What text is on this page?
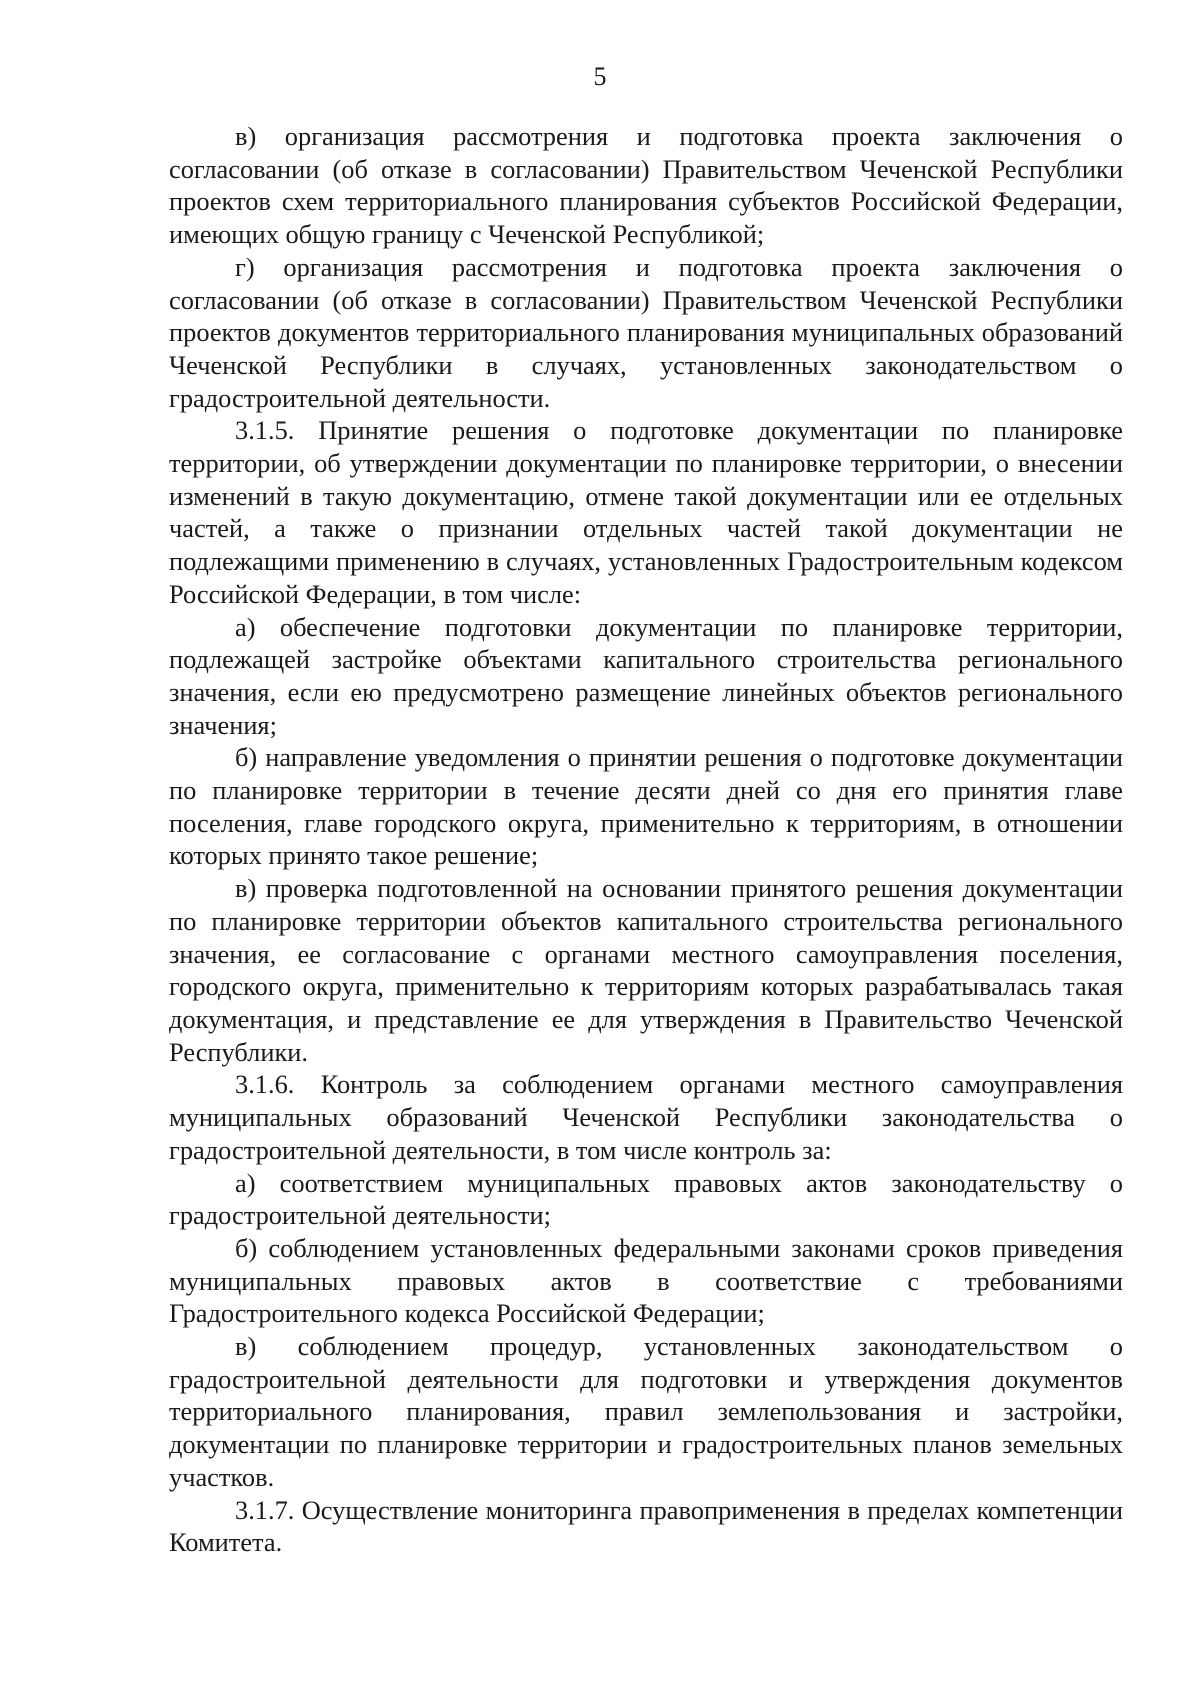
5

в) организация рассмотрения и подготовка проекта заключения о согласовании (об отказе в согласовании) Правительством Чеченской Республики проектов схем территориального планирования субъектов Российской Федерации, имеющих общую границу с Чеченской Республикой;

г) организация рассмотрения и подготовка проекта заключения о согласовании (об отказе в согласовании) Правительством Чеченской Республики проектов документов территориального планирования муниципальных образований Чеченской Республики в случаях, установленных законодательством о градостроительной деятельности.

3.1.5. Принятие решения о подготовке документации по планировке территории, об утверждении документации по планировке территории, о внесении изменений в такую документацию, отмене такой документации или ее отдельных частей, а также о признании отдельных частей такой документации не подлежащими применению в случаях, установленных Градостроительным кодексом Российской Федерации, в том числе:

а) обеспечение подготовки документации по планировке территории, подлежащей застройке объектами капитального строительства регионального значения, если ею предусмотрено размещение линейных объектов регионального значения;

б) направление уведомления о принятии решения о подготовке документации по планировке территории в течение десяти дней со дня его принятия главе поселения, главе городского округа, применительно к территориям, в отношении которых принято такое решение;

в) проверка подготовленной на основании принятого решения документации по планировке территории объектов капитального строительства регионального значения, ее согласование с органами местного самоуправления поселения, городского округа, применительно к территориям которых разрабатывалась такая документация, и представление ее для утверждения в Правительство Чеченской Республики.

3.1.6. Контроль за соблюдением органами местного самоуправления муниципальных образований Чеченской Республики законодательства о градостроительной деятельности, в том числе контроль за:

а) соответствием муниципальных правовых актов законодательству о градостроительной деятельности;

б) соблюдением установленных федеральными законами сроков приведения муниципальных правовых актов в соответствие с требованиями Градостроительного кодекса Российской Федерации;

в) соблюдением процедур, установленных законодательством о градостроительной деятельности для подготовки и утверждения документов территориального планирования, правил землепользования и застройки, документации по планировке территории и градостроительных планов земельных участков.

3.1.7. Осуществление мониторинга правоприменения в пределах компетенции Комитета.
